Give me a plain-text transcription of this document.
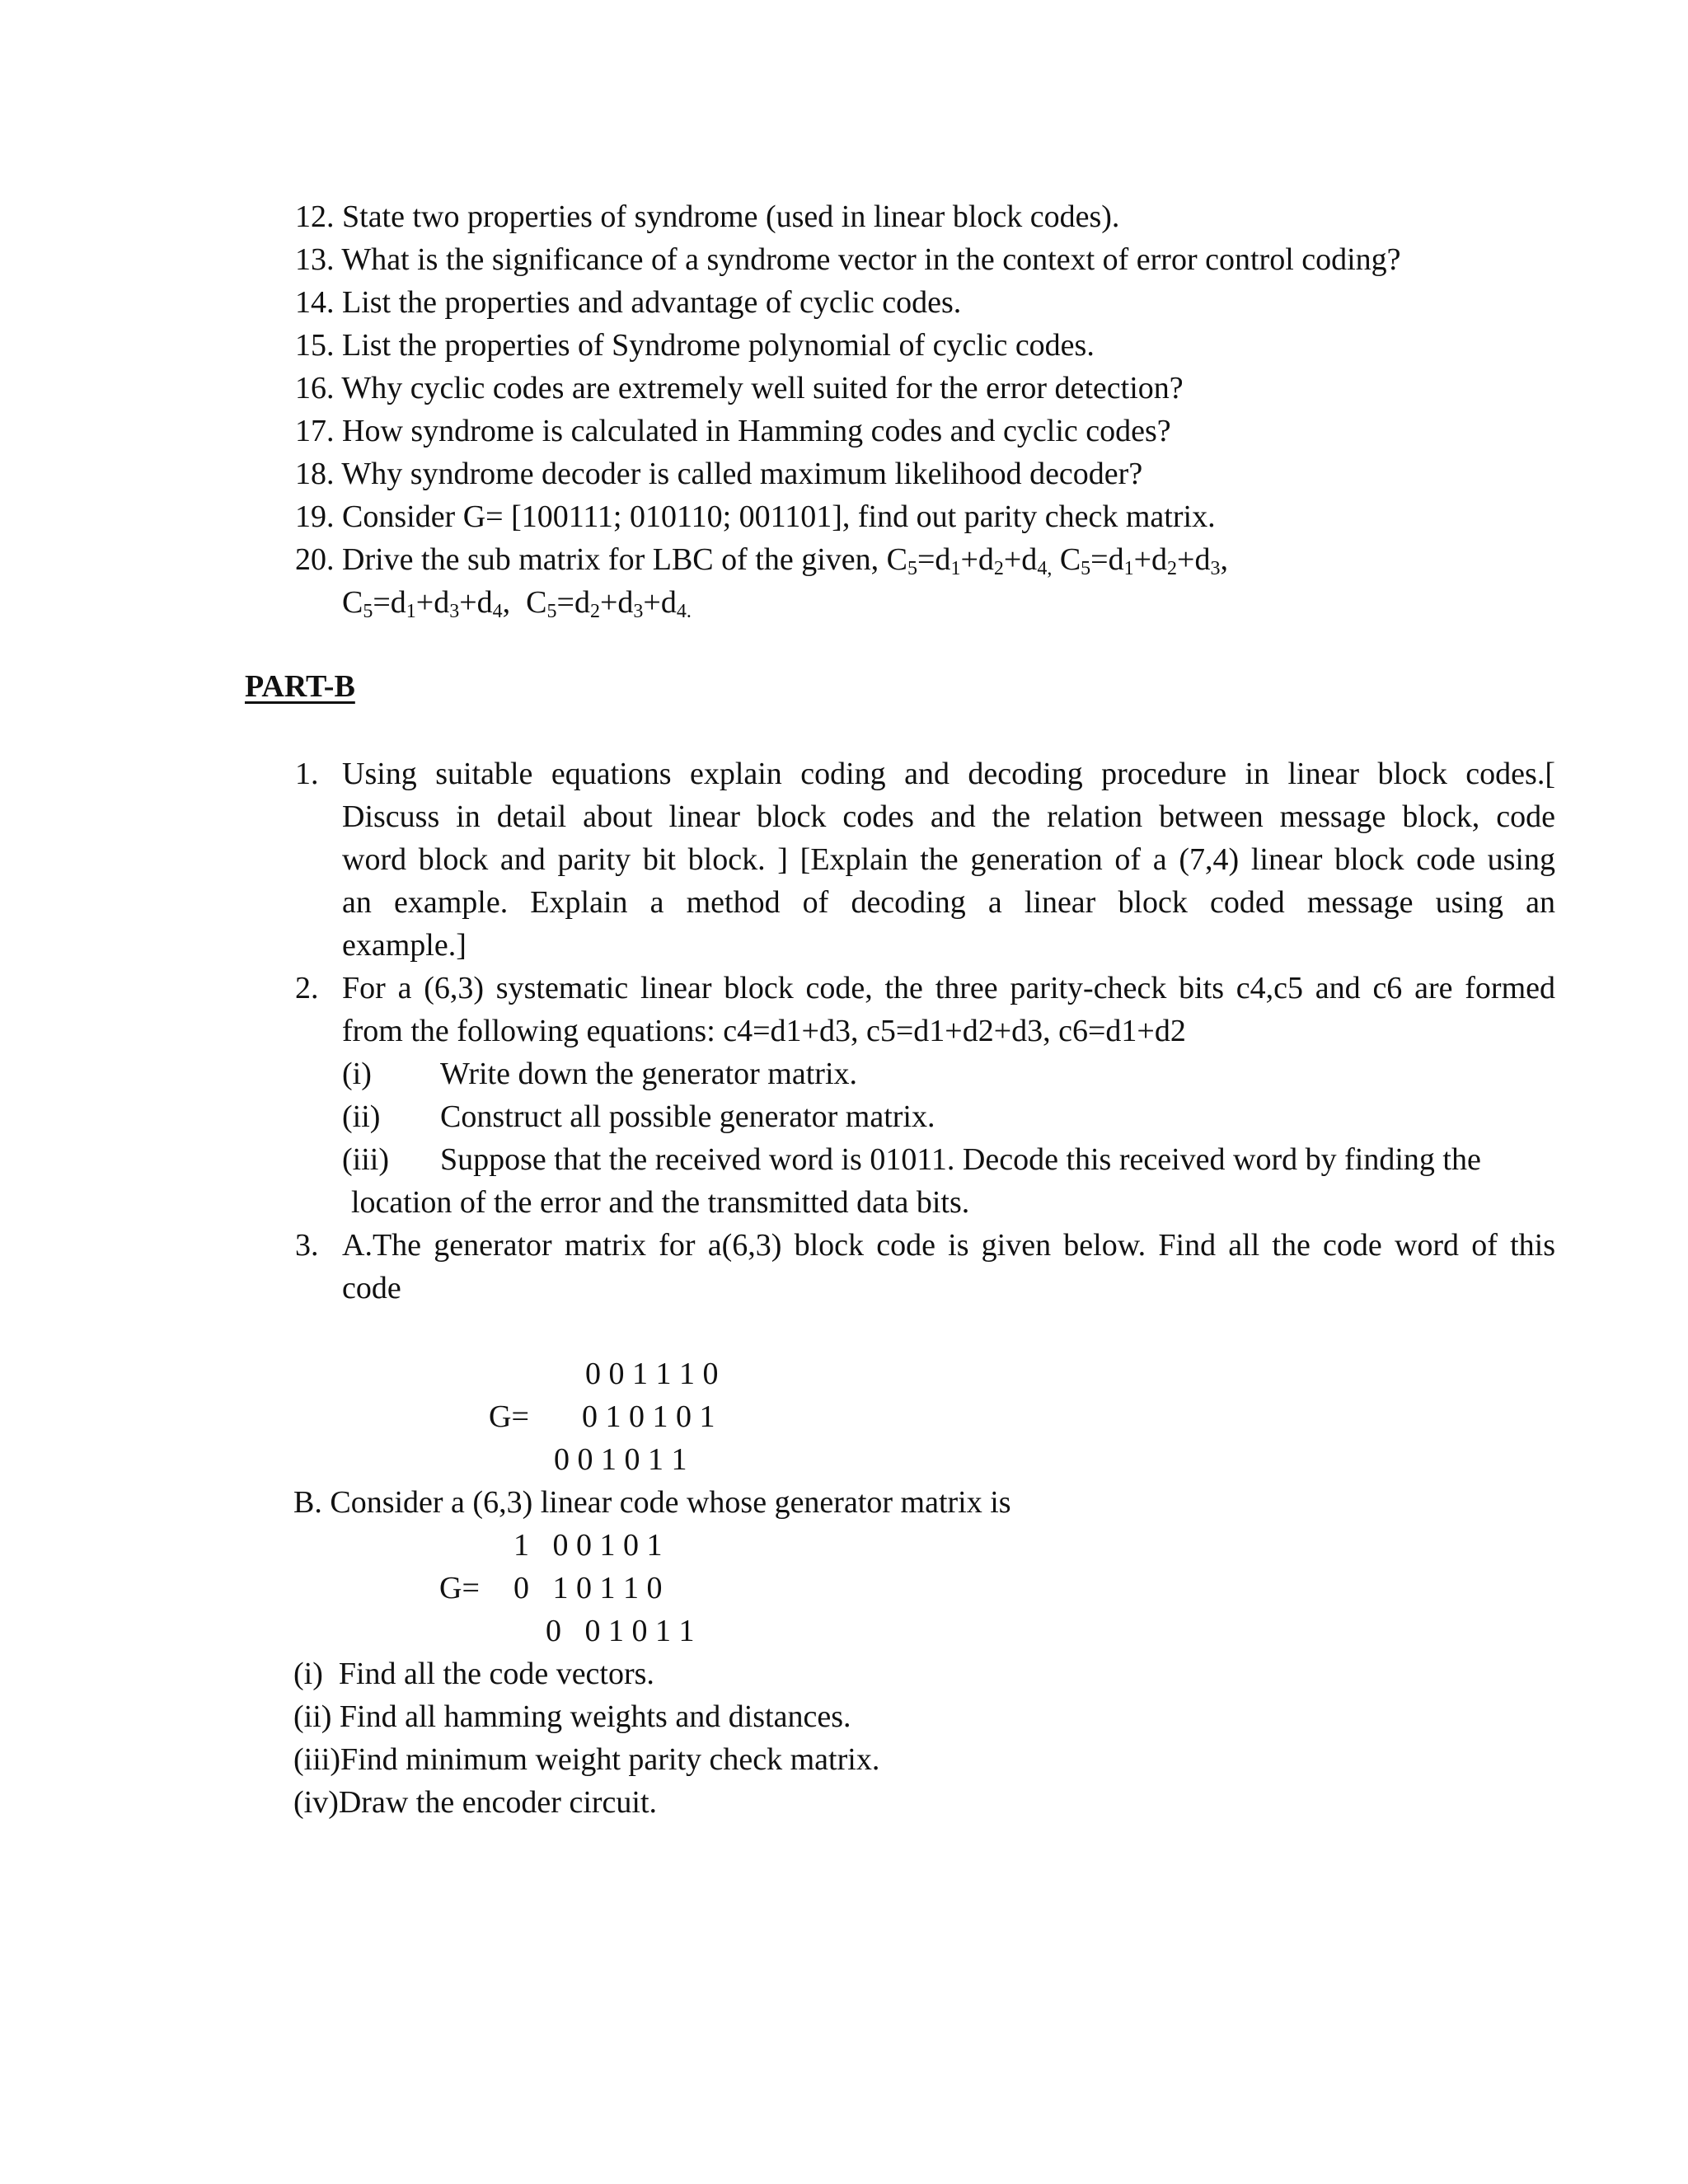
12. State two properties of syndrome (used in linear block codes).
13. What is the significance of a syndrome vector in the context of error control coding?
14. List the properties and advantage of cyclic codes.
15. List the properties of Syndrome polynomial of cyclic codes.
16. Why cyclic codes are extremely well suited for the error detection?
17. How syndrome is calculated in Hamming codes and cyclic codes?
18. Why syndrome decoder is called maximum likelihood decoder?
19. Consider G= [100111; 010110; 001101], find out parity check matrix.
20. Drive the sub matrix for LBC of the given, $C_5=d_1+d_2+d_{4,}$ $C_5=d_1+d_2+d_3$,
$C_5=d_1+d_3+d_4$, $C_5=d_2+d_3+d_{4.}$
PART-B
1. Using suitable equations explain coding and decoding procedure in linear block codes.[
Discuss in detail about linear block codes and the relation between message block, code
word block and parity bit block. ] [Explain the generation of a (7,4) linear block code using
an example. Explain a method of decoding a linear block coded message using an
example.]
2. For a (6,3) systematic linear block code, the three parity-check bits c4,c5 and c6 are formed
from the following equations: c4=d1+d3, c5=d1+d2+d3, c6=d1+d2
(i) Write down the generator matrix.
(ii) Construct all possible generator matrix.
(iii) Suppose that the received word is 01011. Decode this received word by finding the
location of the error and the transmitted data bits.
3. A.The generator matrix for a(6,3) block code is given below. Find all the code word of this
code
0 0 1 1 1 0
G= 0 1 0 1 0 1
0 0 1 0 1 1
B. Consider a (6,3) linear code whose generator matrix is
1   0 0 1 0 1
G= 0   1 0 1 1 0
0   0 1 0 1 1
(i)  Find all the code vectors.
(ii) Find all hamming weights and distances.
(iii)Find minimum weight parity check matrix.
(iv)Draw the encoder circuit.
